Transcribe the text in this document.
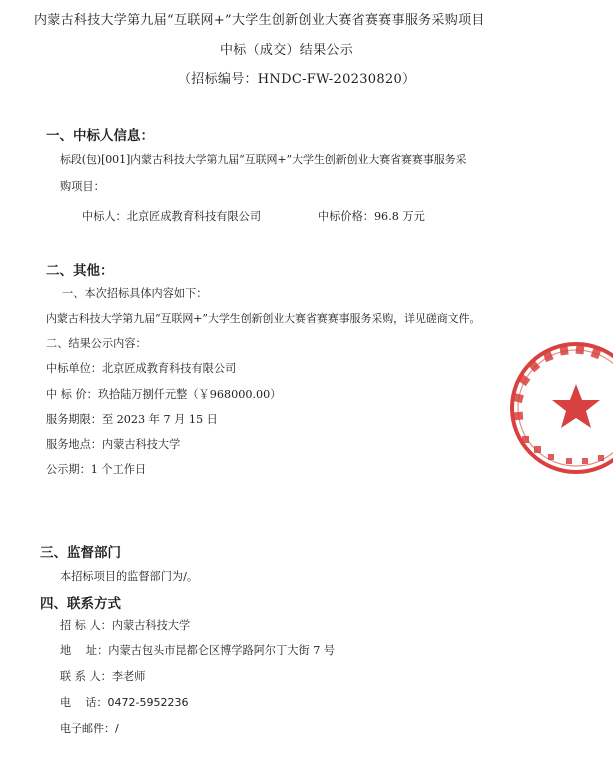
内蒙古科技大学第九届“互联网+”大学生创新创业大赛省赛赛事服务采购项目
中标（成交）结果公示
（招标编号：HNDC-FW-20230820）
一、中标人信息：
标段(包)[001]内蒙古科技大学第九届“互联网+”大学生创新创业大赛省赛赛事服务采
购项目：
中标人：北京匠成教育科技有限公司	中标价格：96.8 万元
二、其他：
一、本次招标具体内容如下：
内蒙古科技大学第九届“互联网+”大学生创新创业大赛省赛赛事服务采购，详见磋商文件。
二、结果公示内容：
中标单位：北京匠成教育科技有限公司
中 标 价：玖拾陆万捌仟元整（￥968000.00）
服务期限：至 2023 年 7 月 15 日
服务地点：内蒙古科技大学
公示期：1 个工作日
三、监督部门
本招标项目的监督部门为/。
四、联系方式
招 标 人：内蒙古科技大学
地　 址：内蒙古包头市昆都仑区博学路阿尔丁大街 7 号
联 系 人：李老师
电　 话：0472-5952236
电子邮件：/
